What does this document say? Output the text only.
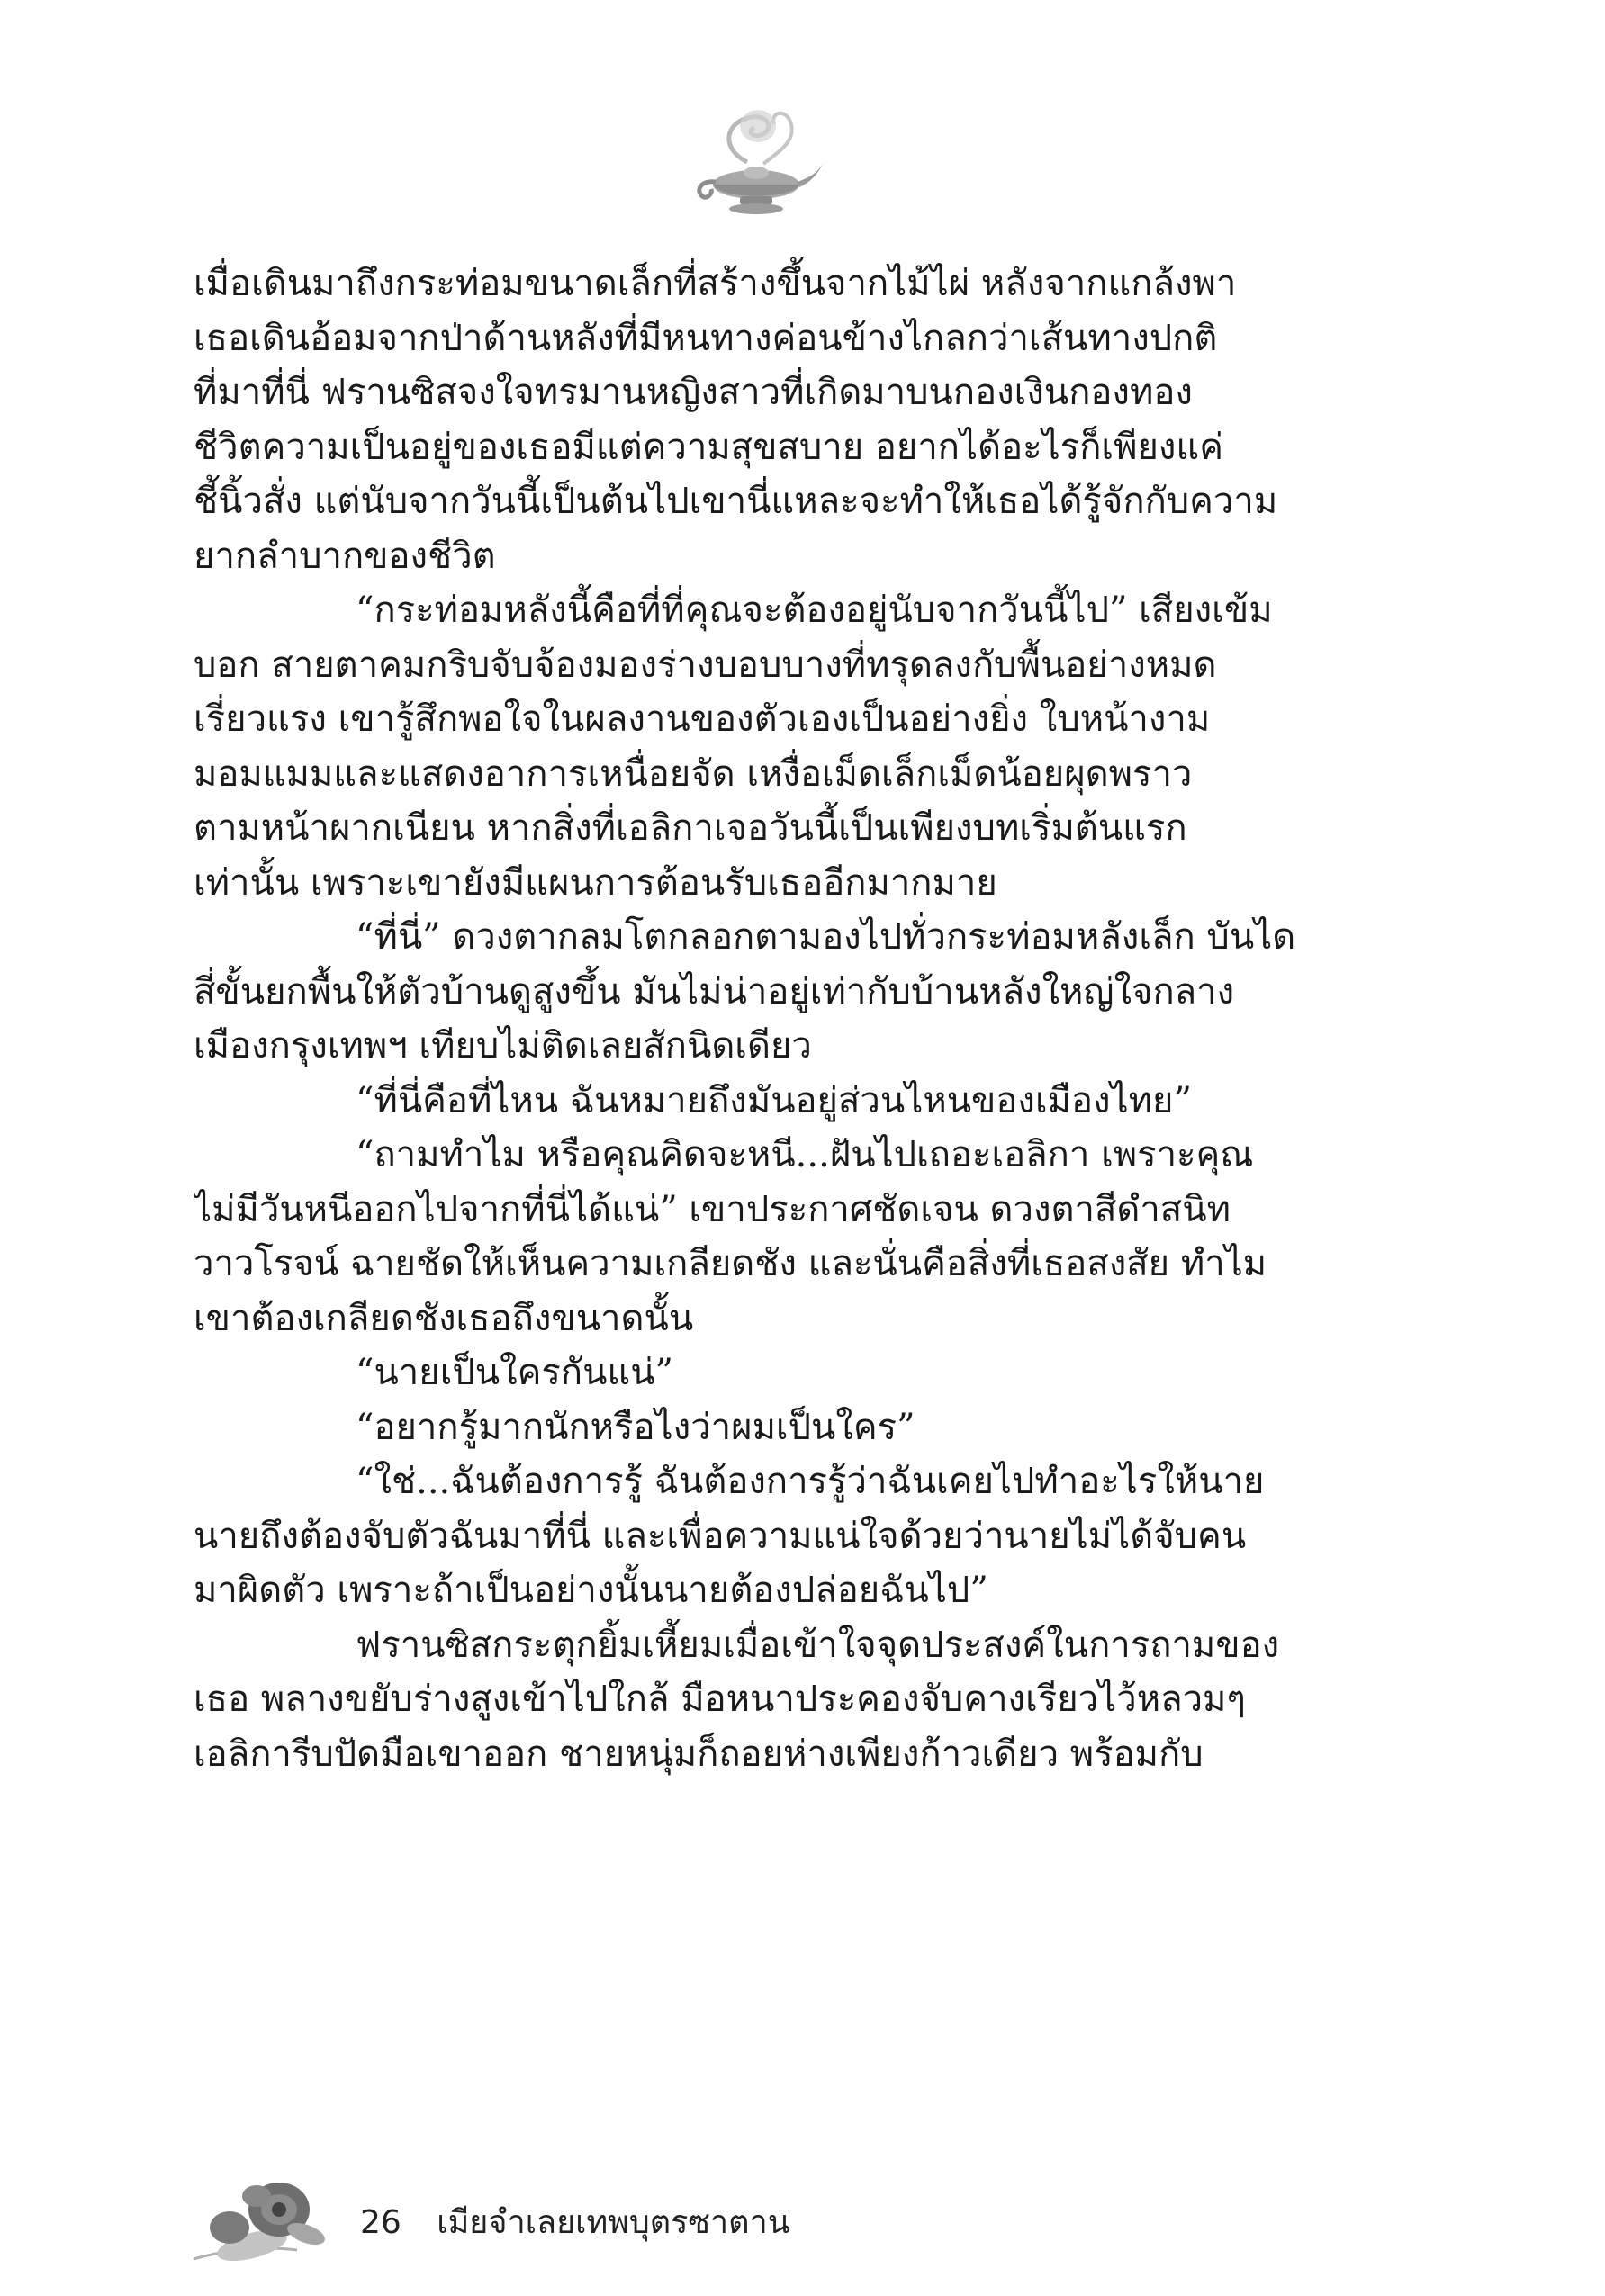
เมื่อเดินมาถึงกระท่อมขนาดเล็กที่สร้างขึ้นจากไม้ไผ่ หลังจากแกล้งพา
เธอเดินอ้อมจากป่าด้านหลังที่มีหนทางค่อนข้างไกลกว่าเส้นทางปกติ
ที่มาที่นี่ ฟรานซิสจงใจทรมานหญิงสาวที่เกิดมาบนกองเงินกองทอง
ชีวิตความเป็นอยู่ของเธอมีแต่ความสุขสบาย อยากได้อะไรก็เพียงแค่
ชี้นิ้วสั่ง แต่นับจากวันนี้เป็นต้นไปเขานี่แหละจะทำให้เธอได้รู้จักกับความ
ยากลำบากของชีวิต
“กระท่อมหลังนี้คือที่ที่คุณจะต้องอยู่นับจากวันนี้ไป” เสียงเข้ม
บอก สายตาคมกริบจับจ้องมองร่างบอบบางที่ทรุดลงกับพื้นอย่างหมด
เรี่ยวแรง เขารู้สึกพอใจในผลงานของตัวเองเป็นอย่างยิ่ง ใบหน้างาม
มอมแมมและแสดงอาการเหนื่อยจัด เหงื่อเม็ดเล็กเม็ดน้อยผุดพราว
ตามหน้าผากเนียน หากสิ่งที่เอลิกาเจอวันนี้เป็นเพียงบทเริ่มต้นแรก
เท่านั้น เพราะเขายังมีแผนการต้อนรับเธออีกมากมาย
“ที่นี่” ดวงตากลมโตกลอกตามองไปทั่วกระท่อมหลังเล็ก บันได
สี่ขั้นยกพื้นให้ตัวบ้านดูสูงขึ้น มันไม่น่าอยู่เท่ากับบ้านหลังใหญ่ใจกลาง
เมืองกรุงเทพฯ เทียบไม่ติดเลยสักนิดเดียว
“ที่นี่คือที่ไหน ฉันหมายถึงมันอยู่ส่วนไหนของเมืองไทย”
“ถามทำไม หรือคุณคิดจะหนี...ฝันไปเถอะเอลิกา เพราะคุณ
ไม่มีวันหนีออกไปจากที่นี่ได้แน่” เขาประกาศชัดเจน ดวงตาสีดำสนิท
วาวโรจน์ ฉายชัดให้เห็นความเกลียดชัง และนั่นคือสิ่งที่เธอสงสัย ทำไม
เขาต้องเกลียดชังเธอถึงขนาดนั้น
“นายเป็นใครกันแน่”
“อยากรู้มากนักหรือไงว่าผมเป็นใคร”
“ใช่...ฉันต้องการรู้ ฉันต้องการรู้ว่าฉันเคยไปทำอะไรให้นาย
นายถึงต้องจับตัวฉันมาที่นี่ และเพื่อความแน่ใจด้วยว่านายไม่ได้จับคน
มาผิดตัว เพราะถ้าเป็นอย่างนั้นนายต้องปล่อยฉันไป”
ฟรานซิสกระตุกยิ้มเหี้ยมเมื่อเข้าใจจุดประสงค์ในการถามของ
เธอ พลางขยับร่างสูงเข้าไปใกล้ มือหนาประคองจับคางเรียวไว้หลวมๆ
เอลิการีบปัดมือเขาออก ชายหนุ่มก็ถอยห่างเพียงก้าวเดียว พร้อมกับ
26 เมียจำเลยเทพบุตรซาตาน
